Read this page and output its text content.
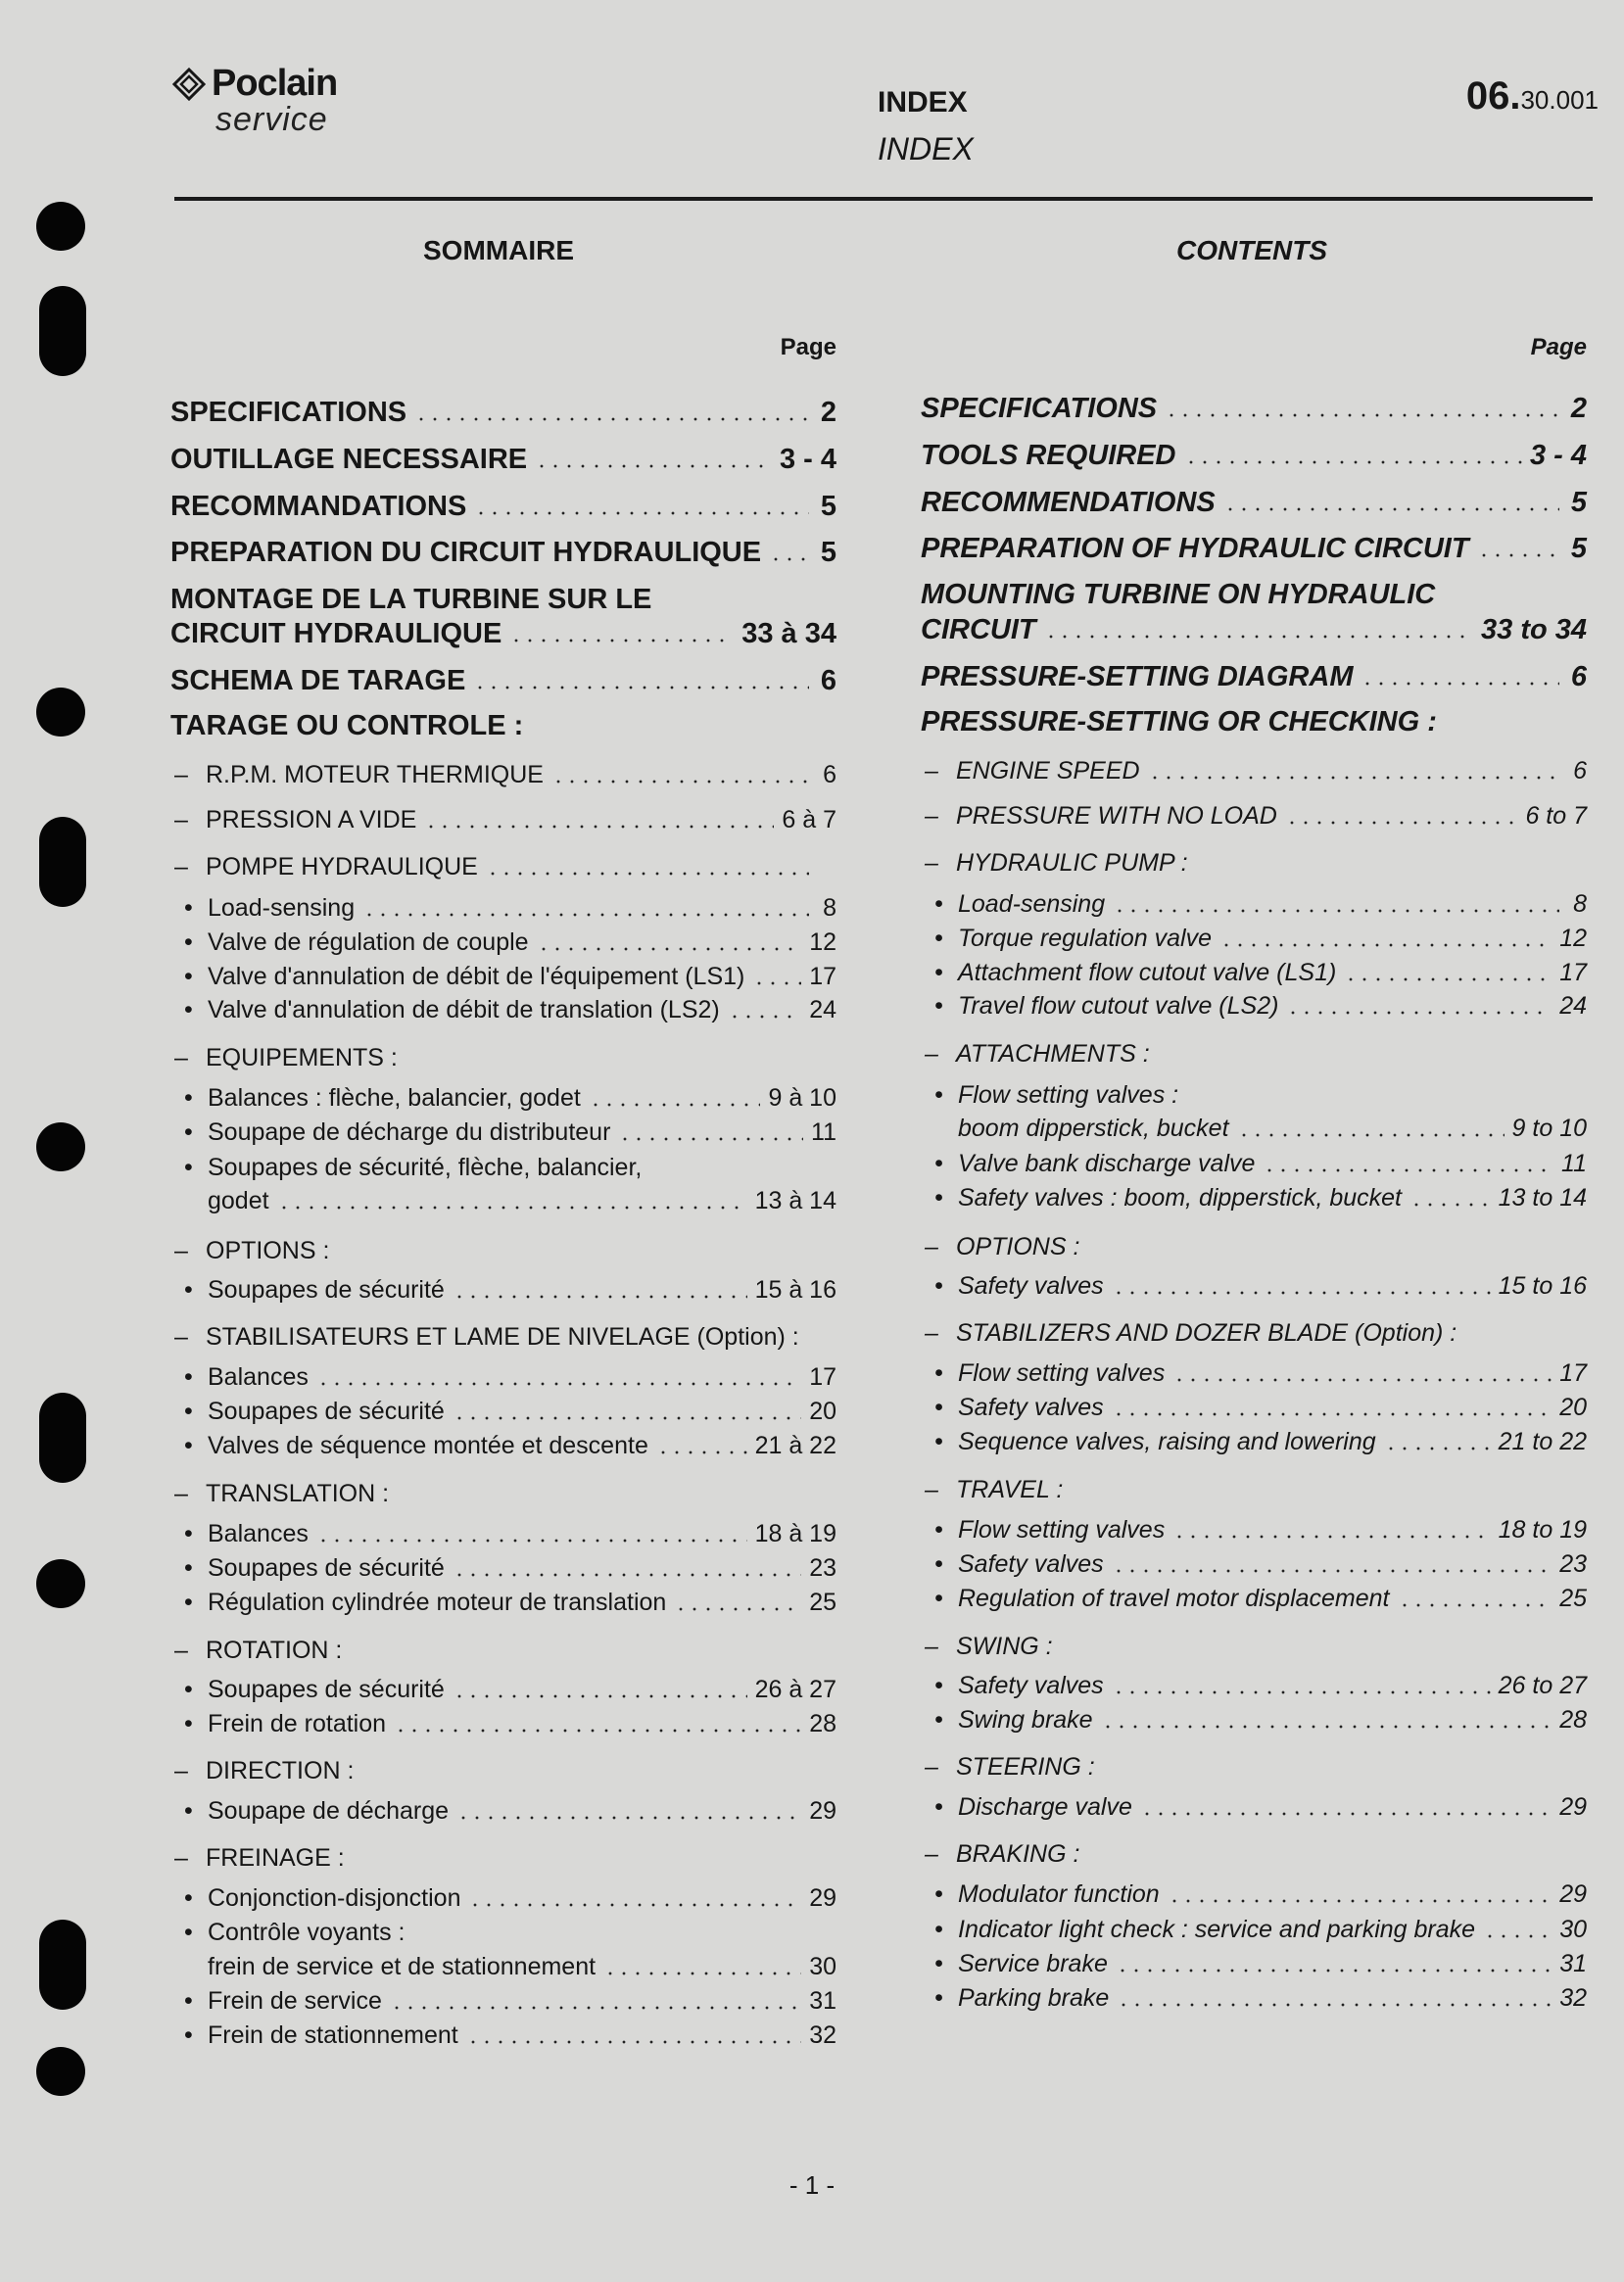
Poclain
service	INDEX
INDEX
06.30.001
SOMMAIRE
Page
SPECIFICATIONS	2
OUTILLAGE NECESSAIRE	3 - 4
RECOMMANDATIONS	5
PREPARATION DU CIRCUIT HYDRAULIQUE 5
MONTAGE DE LA TURBINE SUR LE
CIRCUIT HYDRAULIQUE	33 à 34
SCHEMA DE TARAGE	6
TARAGE OU CONTROLE :
– R.P.M. MOTEUR THERMIQUE	6
– PRESSION A VIDE	6 à 7
– POMPE HYDRAULIQUE
• Load-sensing	8
• Valve de régulation de couple	12
• Valve d'annulation de débit de l'équipement (LS1)	17
• Valve d'annulation de débit de translation (LS2)	24
– EQUIPEMENTS :
• Balances : flèche, balancier, godet	9 à 10
• Soupape de décharge du distributeur	11
• Soupapes de sécurité, flèche, balancier,
godet	13 à 14
– OPTIONS :
• Soupapes de sécurité	15 à 16
– STABILISATEURS ET LAME DE NIVELAGE (Option) :
• Balances	17
• Soupapes de sécurité	20
• Valves de séquence montée et descente	21 à 22
– TRANSLATION :
• Balances	18 à 19
• Soupapes de sécurité	23
• Régulation cylindrée moteur de translation	25
– ROTATION :
• Soupapes de sécurité	26 à 27
• Frein de rotation	28
– DIRECTION :
• Soupape de décharge	29
– FREINAGE :
• Conjonction-disjonction	29
• Contrôle voyants :
frein de service et de stationnement	30
• Frein de service	31
• Frein de stationnement	32
CONTENTS
Page
SPECIFICATIONS	2
TOOLS REQUIRED	3 - 4
RECOMMENDATIONS	5
PREPARATION OF HYDRAULIC CIRCUIT	5
MOUNTING TURBINE ON HYDRAULIC
CIRCUIT	33 to 34
PRESSURE-SETTING DIAGRAM	6
PRESSURE-SETTING OR CHECKING :
– ENGINE SPEED	6
– PRESSURE WITH NO LOAD	6 to 7
– HYDRAULIC PUMP :
• Load-sensing	8
• Torque regulation valve	12
• Attachment flow cutout valve (LS1)	17
• Travel flow cutout valve (LS2)	24
– ATTACHMENTS :
• Flow setting valves :
boom dipperstick, bucket	9 to 10
• Valve bank discharge valve	11
• Safety valves : boom, dipperstick, bucket	13 to 14
– OPTIONS :
• Safety valves	15 to 16
– STABILIZERS AND DOZER BLADE (Option) :
• Flow setting valves	17
• Safety valves	20
• Sequence valves, raising and lowering	21 to 22
– TRAVEL :
• Flow setting valves	18 to 19
• Safety valves	23
• Regulation of travel motor displacement	25
– SWING :
• Safety valves	26 to 27
• Swing brake	28
– STEERING :
• Discharge valve	29
– BRAKING :
• Modulator function	29
• Indicator light check : service and parking brake	30
• Service brake	31
• Parking brake	32
- 1 -
